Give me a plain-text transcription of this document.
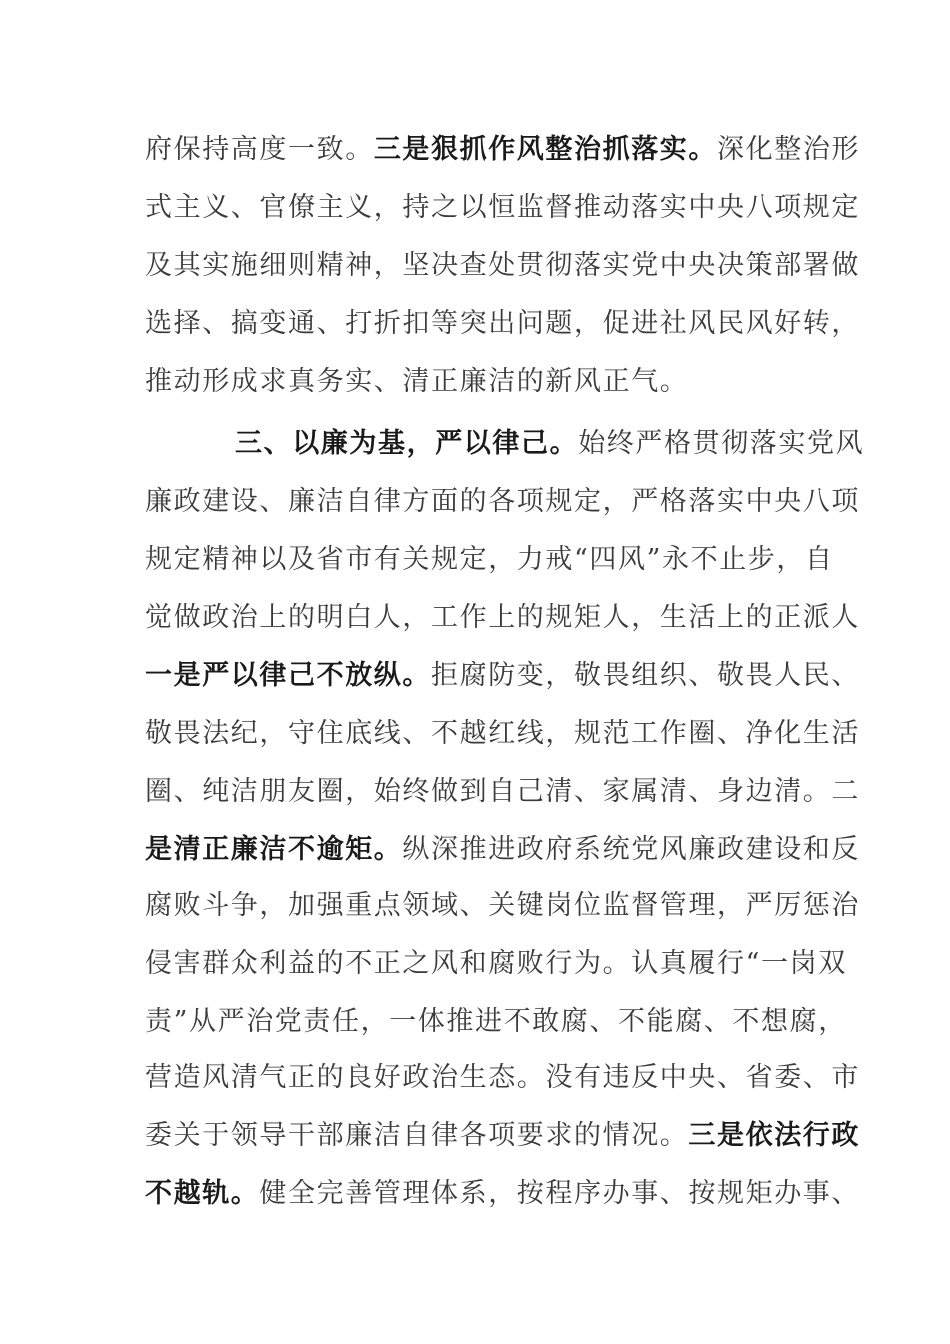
府保持高度一致。三是狠抓作风整治抓落实。深化整治形
式主义、官僚主义，持之以恒监督推动落实中央八项规定
及其实施细则精神，坚决查处贯彻落实党中央决策部署做
选择、搞变通、打折扣等突出问题，促进社风民风好转，
推动形成求真务实、清正廉洁的新风正气。
三、以廉为基，严以律己。始终严格贯彻落实党风
廉政建设、廉洁自律方面的各项规定，严格落实中央八项
规定精神以及省市有关规定，力戒“四风”永不止步，自
觉做政治上的明白人，工作上的规矩人，生活上的正派人
一是严以律己不放纵。拒腐防变，敬畏组织、敬畏人民、
敬畏法纪，守住底线、不越红线，规范工作圈、净化生活
圈、纯洁朋友圈，始终做到自己清、家属清、身边清。二
是清正廉洁不逾矩。纵深推进政府系统党风廉政建设和反
腐败斗争，加强重点领域、关键岗位监督管理，严厉惩治
侵害群众利益的不正之风和腐败行为。认真履行“一岗双
责”从严治党责任，一体推进不敢腐、不能腐、不想腐，
营造风清气正的良好政治生态。没有违反中央、省委、市
委关于领导干部廉洁自律各项要求的情况。三是依法行政
不越轨。健全完善管理体系，按程序办事、按规矩办事、
